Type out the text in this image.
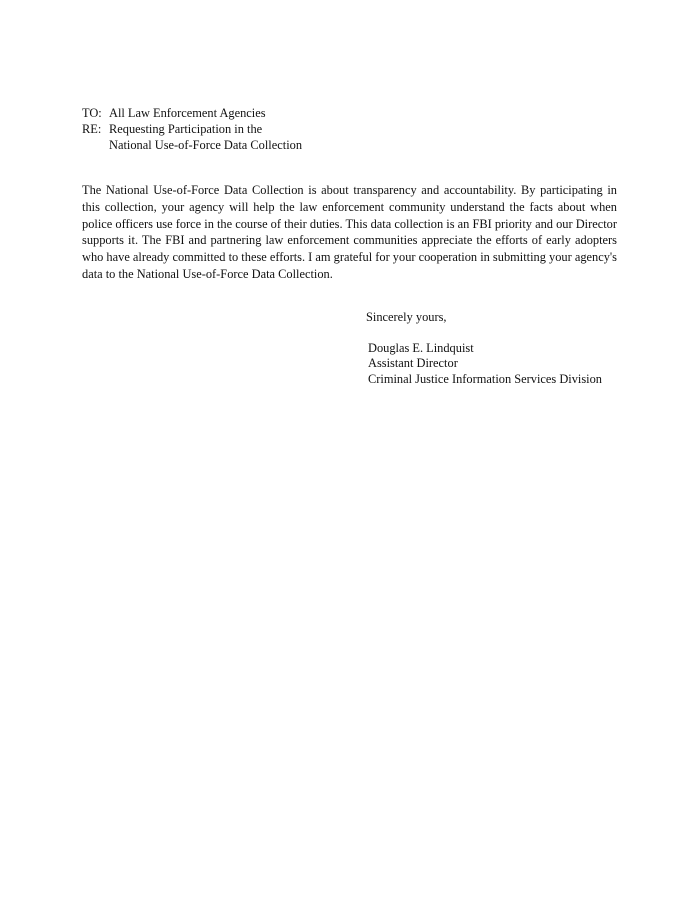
TO: All Law Enforcement Agencies
RE: Requesting Participation in the
National Use-of-Force Data Collection

The National Use-of-Force Data Collection is about transparency and accountability. By participating in this collection, your agency will help the law enforcement community understand the facts about when police officers use force in the course of their duties. This data collection is an FBI priority and our Director supports it. The FBI and partnering law enforcement communities appreciate the efforts of early adopters who have already committed to these efforts. I am grateful for your cooperation in submitting your agency's data to the National Use-of-Force Data Collection.

Sincerely yours,
Douglas E. Lindquist
Assistant Director
Criminal Justice Information Services Division
